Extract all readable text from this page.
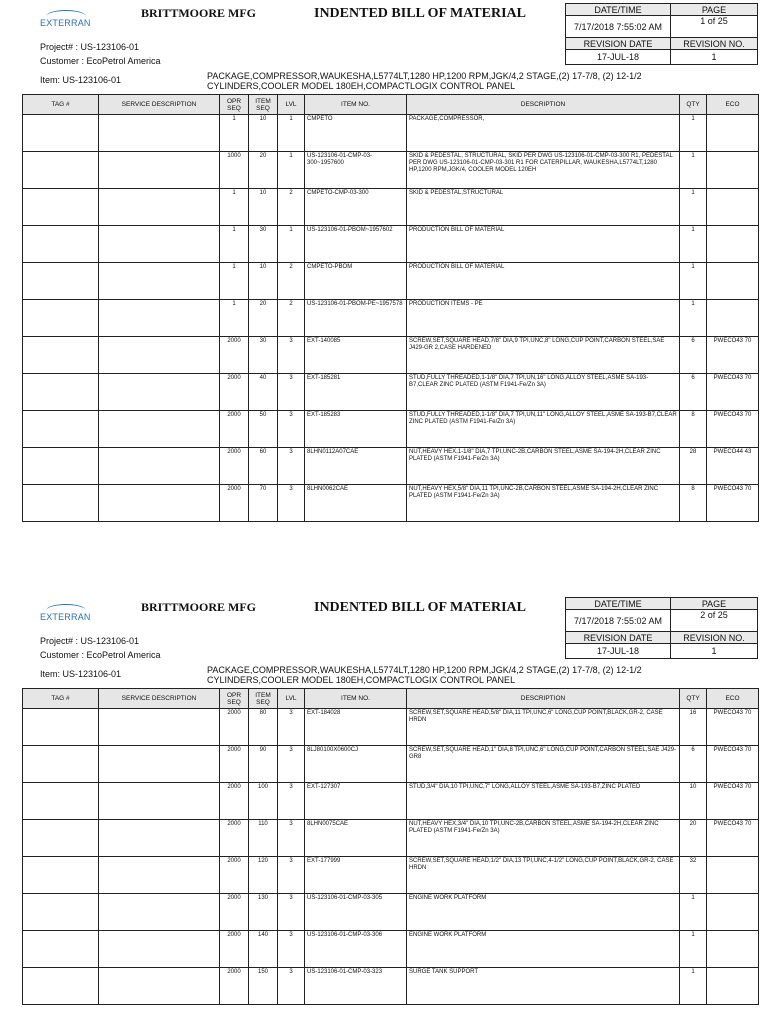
EXTERRAN
BRITTMOORE MFG	INDENTED BILL OF MATERIAL	DATE/TIME	PAGE
7/17/2018 7:55:02 AM	1 of 25
REVISION DATE	REVISION NO.
17-JUL-18	1
Project# : US-123106-01
Customer : EcoPetrol America
Item: US-123106-01	PACKAGE,COMPRESSOR,WAUKESHA,L5774LT,1280 HP,1200 RPM,JGK/4,2 STAGE,(2) 17-7/8, (2) 12-1/2 CYLINDERS,COOLER MODEL 180EH,COMPACTLOGIX CONTROL PANEL
TAG #	SERVICE DESCRIPTION	OPR SEQ	ITEM SEQ	LVL	ITEM NO.	DESCRIPTION	QTY	ECO
		1	10	1	CMPETO	PACKAGE,COMPRESSOR,	1	
		1000	20	1	US-123106-01-CMP-03-300~1957600	SKID & PEDESTAL, STRUCTURAL, SKID PER DWG US-123106-01-CMP-03-300 R1, PEDESTAL PER DWG US-123106-01-CMP-03-301 R1 FOR CATERPILLAR, WAUKESHA,L5774LT,1280 HP,1200 RPM,JGK/4, COOLER MODEL 120EH	1	
		1	10	2	CMPETO-CMP-03-300	SKID & PEDESTAL,STRUCTURAL	1	
		1	30	1	US-123106-01-PBOM~1957602	PRODUCTION BILL OF MATERIAL	1	
		1	10	2	CMPETO-PBOM	PRODUCTION BILL OF MATERIAL	1	
		1	20	2	US-123106-01-PBOM-PE~1957578	PRODUCTION ITEMS - PE	1	
		2000	30	3	EXT-140085	SCREW,SET,SQUARE HEAD,7/8" DIA,9 TPI,UNC,8" LONG,CUP POINT,CARBON STEEL,SAE J429-GR 2,CASE HARDENED	6	PWECO43 70
		2000	40	3	EXT-185281	STUD,FULLY THREADED,1-1/8" DIA,7 TPI,UN,16" LONG,ALLOY STEEL,ASME SA-193-B7,CLEAR ZINC PLATED (ASTM F1941-Fe/Zn 3A)	6	PWECO43 70
		2000	50	3	EXT-185283	STUD,FULLY THREADED,1-1/8" DIA,7 TPI,UN,11" LONG,ALLOY STEEL,ASME SA-193-B7,CLEAR ZINC PLATED (ASTM F1941-Fe/Zn 3A)	8	PWECO43 70
		2000	60	3	8LHN0112A07CAE	NUT,HEAVY HEX,1-1/8" DIA,7 TPI,UNC-2B,CARBON STEEL,ASME SA-194-2H,CLEAR ZINC PLATED (ASTM F1941-Fe/Zn 3A)	28	PWECO44 43
		2000	70	3	8LHN0062CAE	NUT,HEAVY HEX,5/8" DIA,11 TPI,UNC-2B,CARBON STEEL,ASME SA-194-2H,CLEAR ZINC PLATED (ASTM F1941-Fe/Zn 3A)	8	PWECO43 70
EXTERRAN
BRITTMOORE MFG	INDENTED BILL OF MATERIAL	DATE/TIME	PAGE
7/17/2018 7:55:02 AM	2 of 25
REVISION DATE	REVISION NO.
17-JUL-18	1
Project# : US-123106-01
Customer : EcoPetrol America
Item: US-123106-01	PACKAGE,COMPRESSOR,WAUKESHA,L5774LT,1280 HP,1200 RPM,JGK/4,2 STAGE,(2) 17-7/8, (2) 12-1/2 CYLINDERS,COOLER MODEL 180EH,COMPACTLOGIX CONTROL PANEL
TAG #	SERVICE DESCRIPTION	OPR SEQ	ITEM SEQ	LVL	ITEM NO.	DESCRIPTION	QTY	ECO
		2000	80	3	EXT-184028	SCREW,SET,SQUARE HEAD,5/8" DIA,11 TPI,UNC,6" LONG,CUP POINT,BLACK,GR-2, CASE HRDN	16	PWECO43 70
		2000	90	3	8LJ80100X0600CJ	SCREW,SET,SQUARE HEAD,1" DIA,8 TPI,UNC,6" LONG,CUP POINT,CARBON STEEL,SAE J429-GR8	6	PWECO43 70
		2000	100	3	EXT-127307	STUD,3/4" DIA,10 TPI,UNC,7" LONG,ALLOY STEEL,ASME SA-193-B7,ZINC PLATED	10	PWECO43 70
		2000	110	3	8LHN0075CAE	NUT,HEAVY HEX,3/4" DIA,10 TPI,UNC-2B,CARBON STEEL,ASME SA-194-2H,CLEAR ZINC PLATED (ASTM F1941-Fe/Zn 3A)	20	PWECO43 70
		2000	120	3	EXT-177999	SCREW,SET,SQUARE HEAD,1/2" DIA,13 TPI,UNC,4-1/2" LONG,CUP POINT,BLACK,GR-2, CASE HRDN	32	
		2000	130	3	US-123106-01-CMP-03-305	ENGINE WORK PLATFORM	1	
		2000	140	3	US-123106-01-CMP-03-306	ENGINE WORK PLATFORM	1	
		2000	150	3	US-123106-01-CMP-03-323	SURGE TANK SUPPORT	1	
